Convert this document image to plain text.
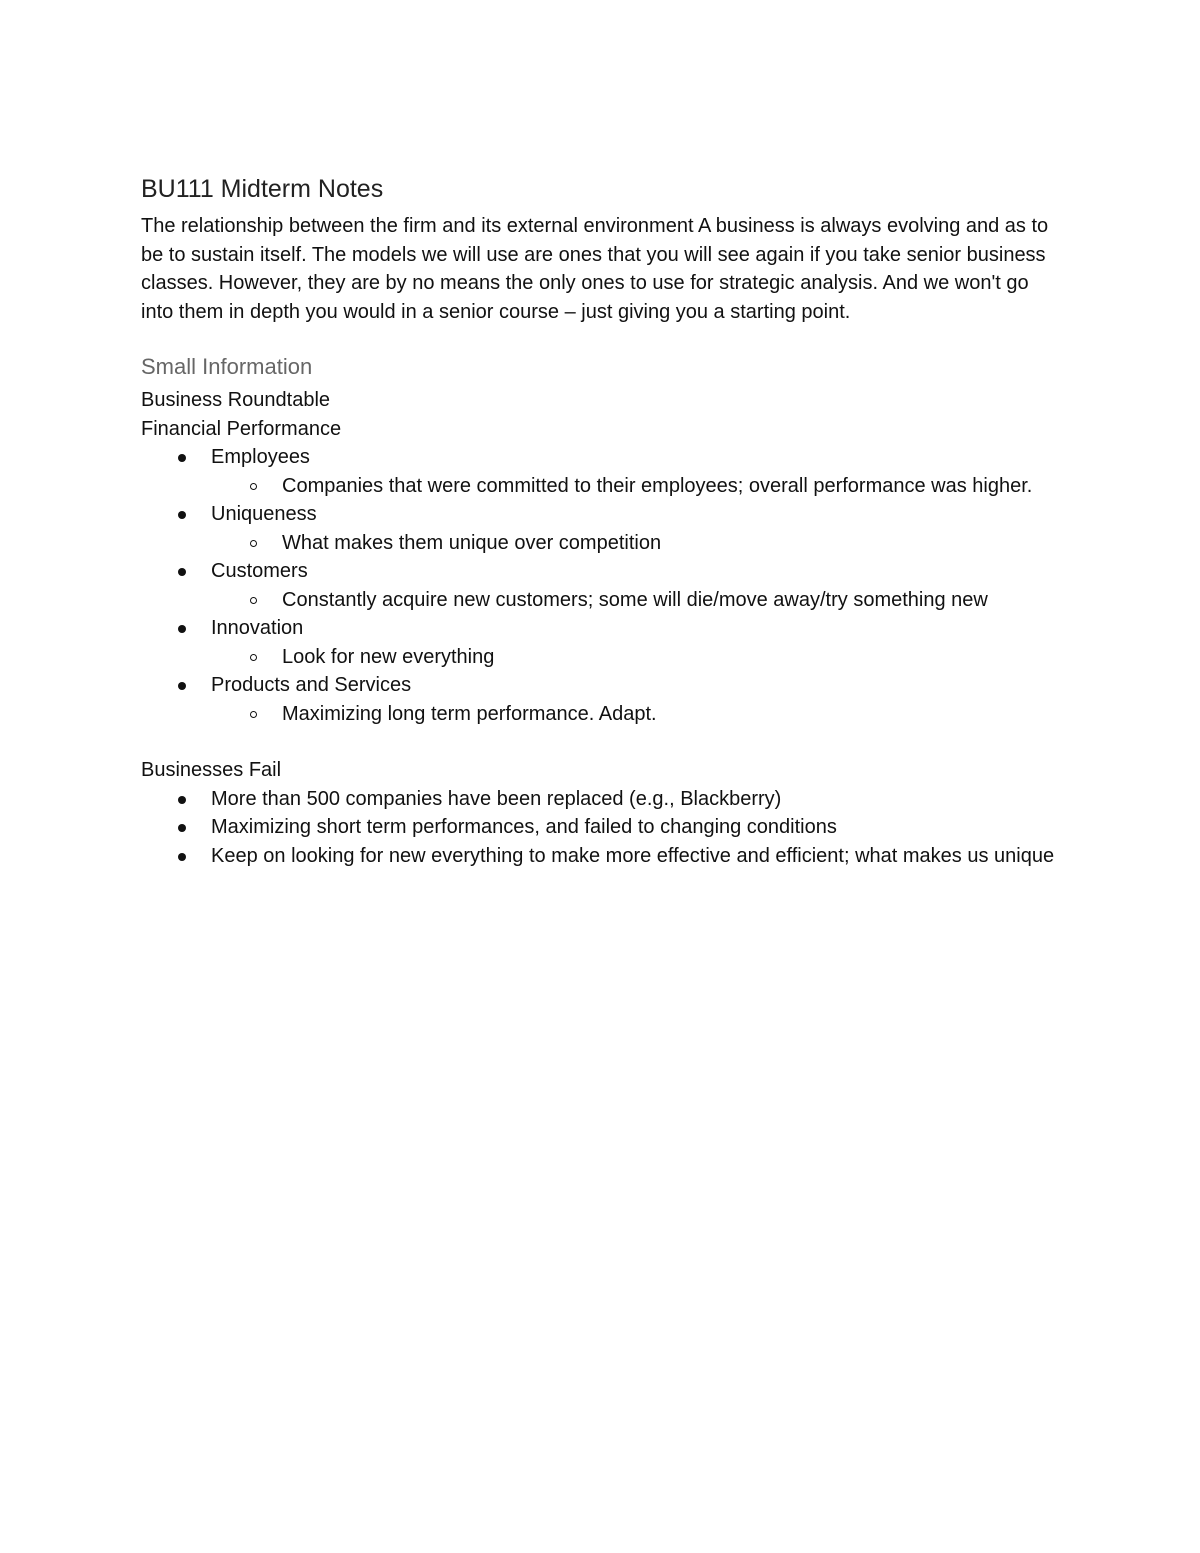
BU111 Midterm Notes

The relationship between the firm and its external environment A business is always evolving and as to be to sustain itself. The models we will use are ones that you will see again if you take senior business classes. However, they are by no means the only ones to use for strategic analysis. And we won't go into them in depth you would in a senior course – just giving you a starting point.

Small Information
Business Roundtable
Financial Performance
Employees
Companies that were committed to their employees; overall performance was higher.
Uniqueness
What makes them unique over competition
Customers
Constantly acquire new customers; some will die/move away/try something new
Innovation
Look for new everything
Products and Services
Maximizing long term performance. Adapt.
Businesses Fail
More than 500 companies have been replaced (e.g., Blackberry)
Maximizing short term performances, and failed to changing conditions
Keep on looking for new everything to make more effective and efficient; what makes us unique
